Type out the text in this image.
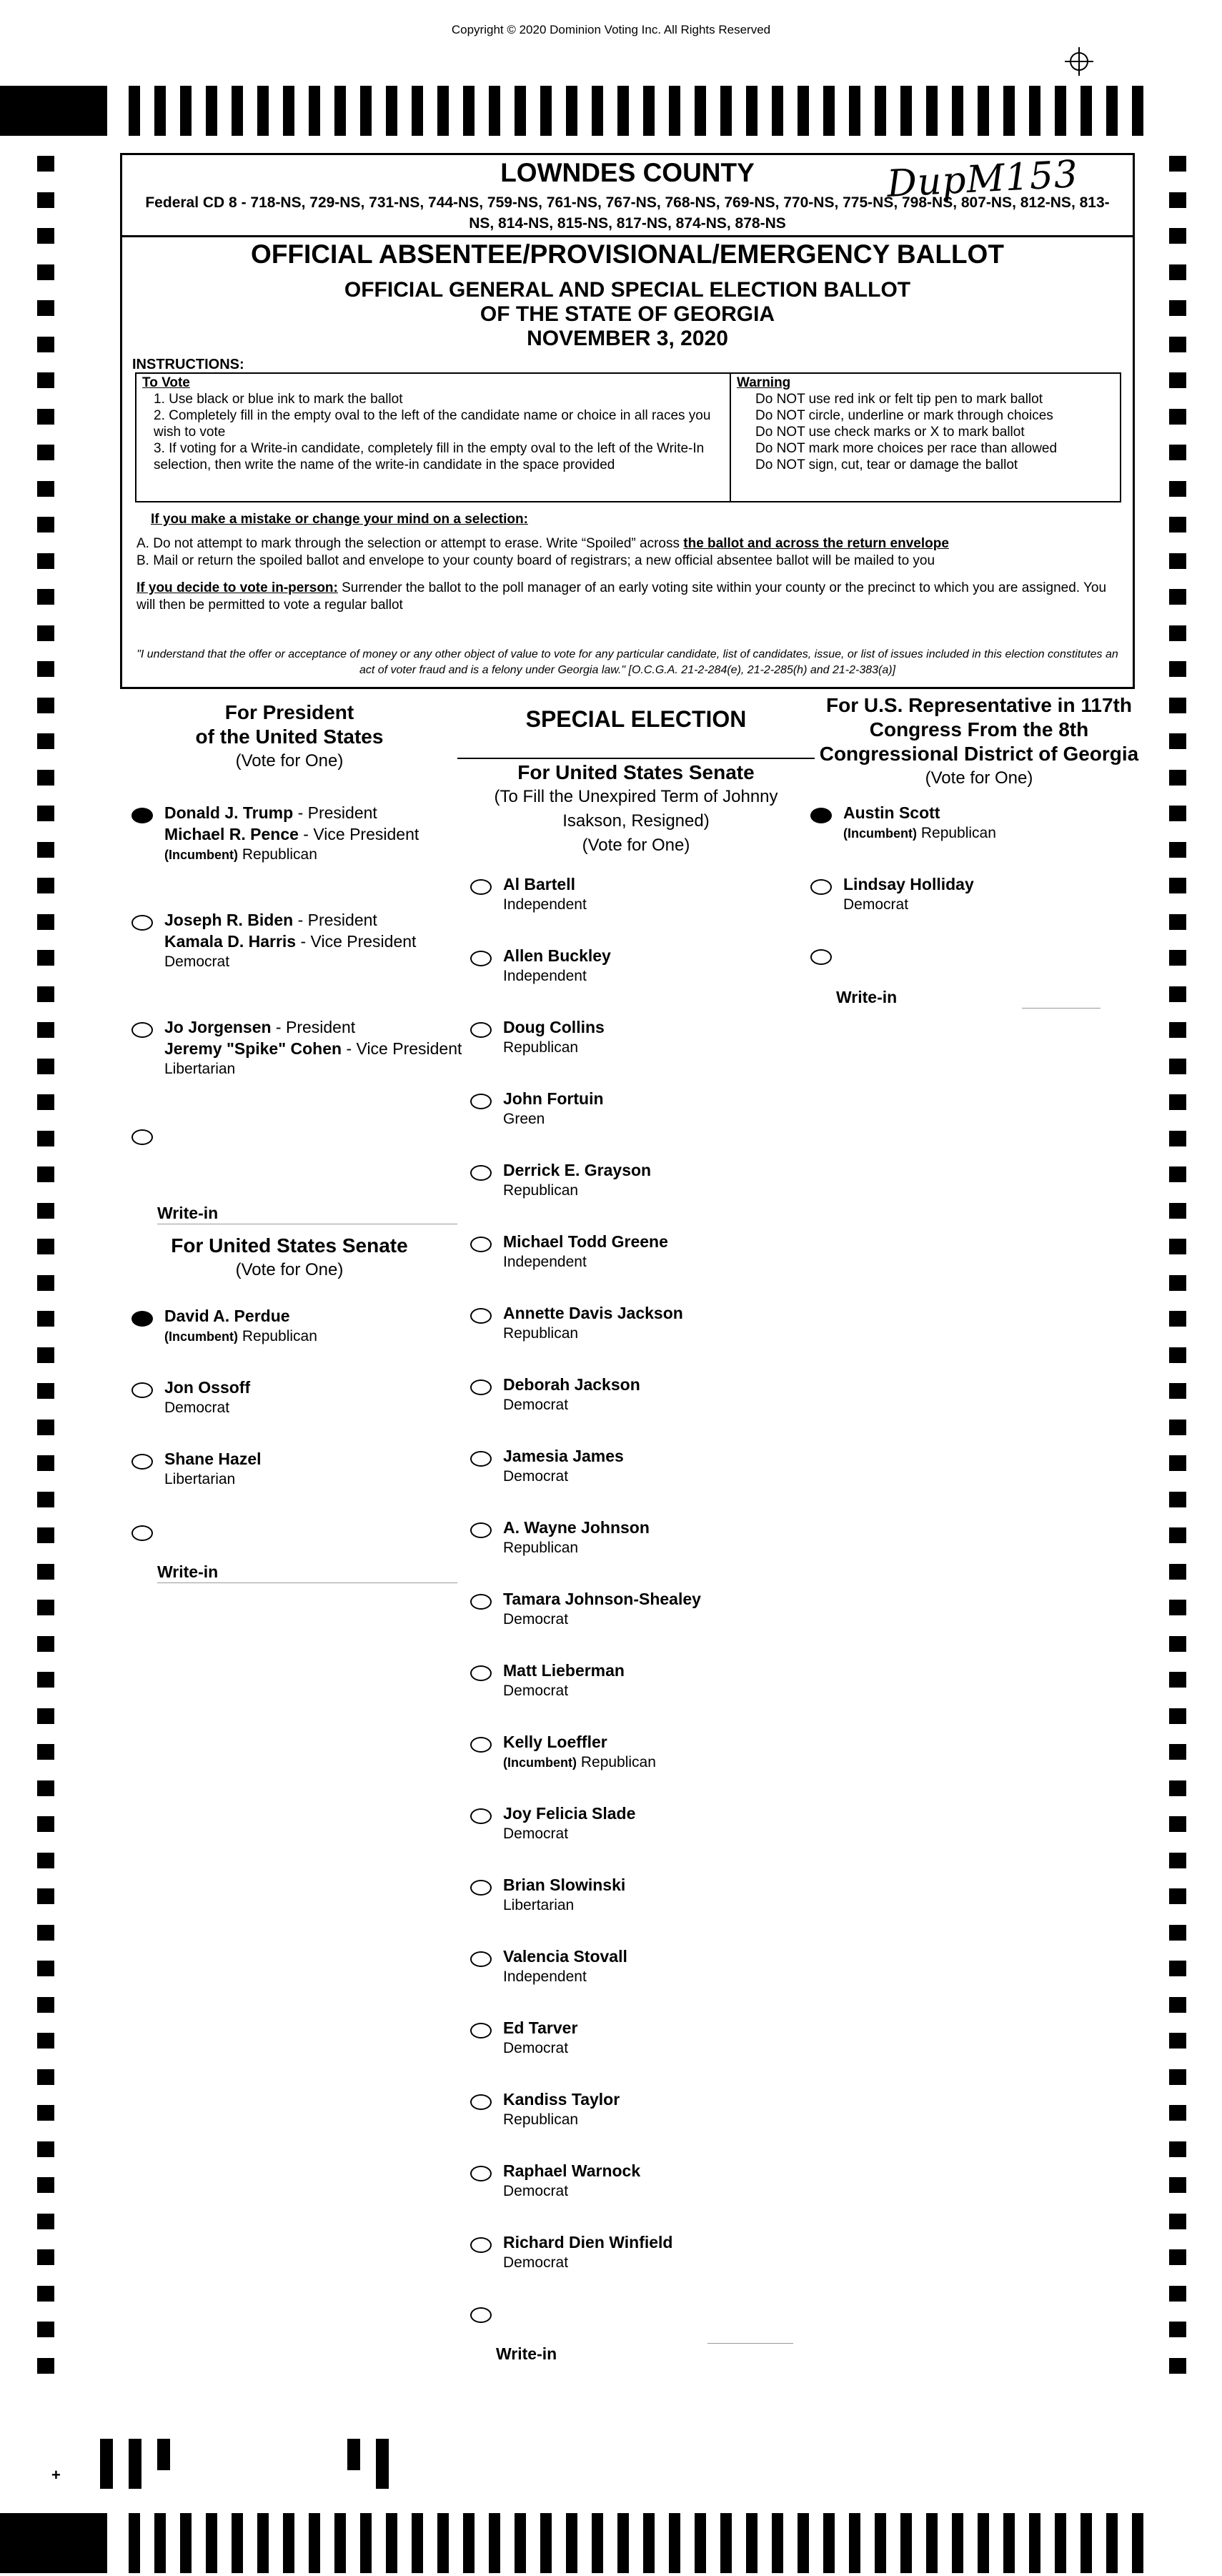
Copyright © 2020 Dominion Voting Inc. All Rights Reserved
LOWNDES COUNTY	DupM153
Federal CD 8 - 718-NS, 729-NS, 731-NS, 744-NS, 759-NS, 761-NS, 767-NS, 768-NS, 769-NS, 770-NS, 775-NS, 798-NS, 807-NS, 812-NS, 813-NS, 814-NS, 815-NS, 817-NS, 874-NS, 878-NS
OFFICIAL ABSENTEE/PROVISIONAL/EMERGENCY BALLOT
OFFICIAL GENERAL AND SPECIAL ELECTION BALLOT
OF THE STATE OF GEORGIA
NOVEMBER 3, 2020
INSTRUCTIONS:
To Vote
1. Use black or blue ink to mark the ballot
2. Completely fill in the empty oval to the left of the candidate name or choice in all races you wish to vote
3. If voting for a Write-in candidate, completely fill in the empty oval to the left of the Write-In selection, then write the name of the write-in candidate in the space provided
Warning
Do NOT use red ink or felt tip pen to mark ballot
Do NOT circle, underline or mark through choices
Do NOT use check marks or X to mark ballot
Do NOT mark more choices per race than allowed
Do NOT sign, cut, tear or damage the ballot
If you make a mistake or change your mind on a selection:
A. Do not attempt to mark through the selection or attempt to erase. Write “Spoiled” across the ballot and across the return envelope
B. Mail or return the spoiled ballot and envelope to your county board of registrars; a new official absentee ballot will be mailed to you
If you decide to vote in-person: Surrender the ballot to the poll manager of an early voting site within your county or the precinct to which you are assigned. You will then be permitted to vote a regular ballot
"I understand that the offer or acceptance of money or any other object of value to vote for any particular candidate, list of candidates, issue, or list of issues included in this election constitutes an act of voter fraud and is a felony under Georgia law." [O.C.G.A. 21-2-284(e), 21-2-285(h) and 21-2-383(a)]
For President
of the United States
(Vote for One)
Donald J. Trump - President
Michael R. Pence - Vice President
(Incumbent) Republican
Joseph R. Biden - President
Kamala D. Harris - Vice President
Democrat
Jo Jorgensen - President
Jeremy "Spike" Cohen - Vice President
Libertarian
Write-in
For United States Senate
(Vote for One)
David A. Perdue
(Incumbent) Republican
Jon Ossoff
Democrat
Shane Hazel
Libertarian
Write-in
SPECIAL ELECTION
For United States Senate
(To Fill the Unexpired Term of Johnny
Isakson, Resigned)
(Vote for One)
Al Bartell
Independent
Allen Buckley
Independent
Doug Collins
Republican
John Fortuin
Green
Derrick E. Grayson
Republican
Michael Todd Greene
Independent
Annette Davis Jackson
Republican
Deborah Jackson
Democrat
Jamesia James
Democrat
A. Wayne Johnson
Republican
Tamara Johnson-Shealey
Democrat
Matt Lieberman
Democrat
Kelly Loeffler
(Incumbent) Republican
Joy Felicia Slade
Democrat
Brian Slowinski
Libertarian
Valencia Stovall
Independent
Ed Tarver
Democrat
Kandiss Taylor
Republican
Raphael Warnock
Democrat
Richard Dien Winfield
Democrat
Write-in
For U.S. Representative in 117th
Congress From the 8th
Congressional District of Georgia
(Vote for One)
Austin Scott
(Incumbent) Republican
Lindsay Holliday
Democrat
Write-in
+
